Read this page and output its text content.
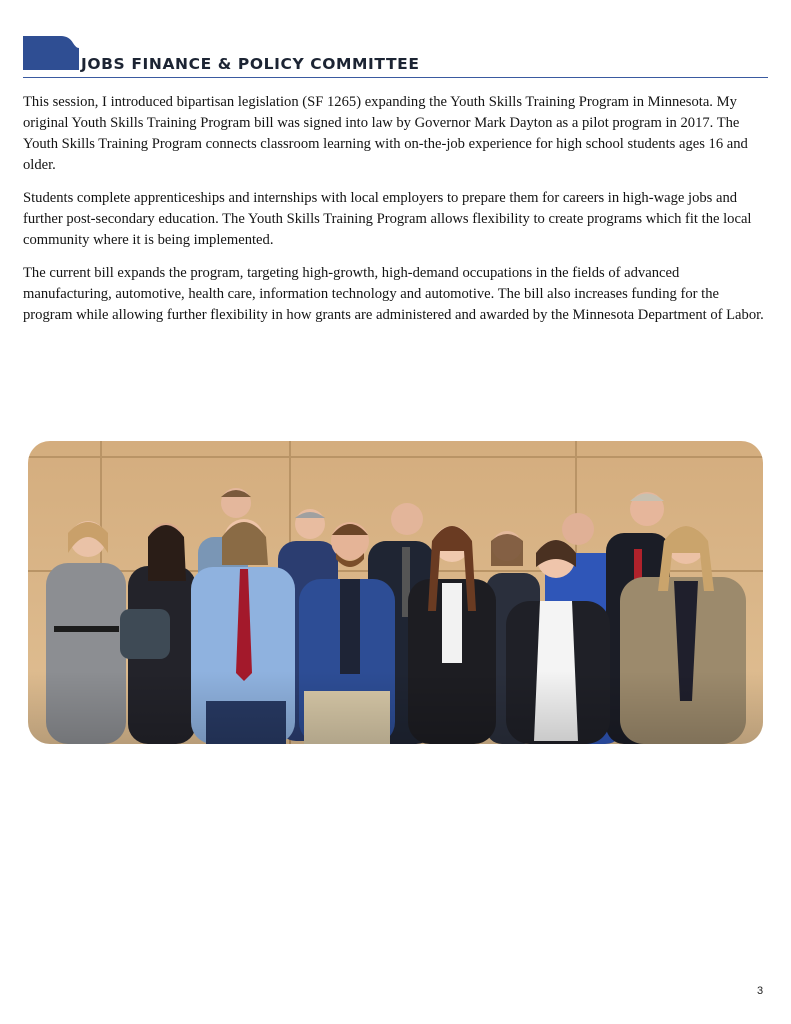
JOBS FINANCE & POLICY COMMITTEE

This session, I introduced bipartisan legislation (SF 1265) expanding the Youth Skills Training Program in Minnesota. My original Youth Skills Training Program bill was signed into law by Governor Mark Dayton as a pilot program in 2017. The Youth Skills Training Program connects classroom learning with on-the-job experience for high school students ages 16 and older.

Students complete apprenticeships and internships with local employers to prepare them for careers in high-wage jobs and further post-secondary education. The Youth Skills Training Program allows flexibility to create programs which fit the local community where it is being implemented.

The current bill expands the program, targeting high-growth, high-demand occupations in the fields of advanced manufacturing, automotive, health care, information technology and automotive. The bill also increases funding for the program while allowing further flexibility in how grants are administered and awarded by the Minnesota Department of Labor.

3
